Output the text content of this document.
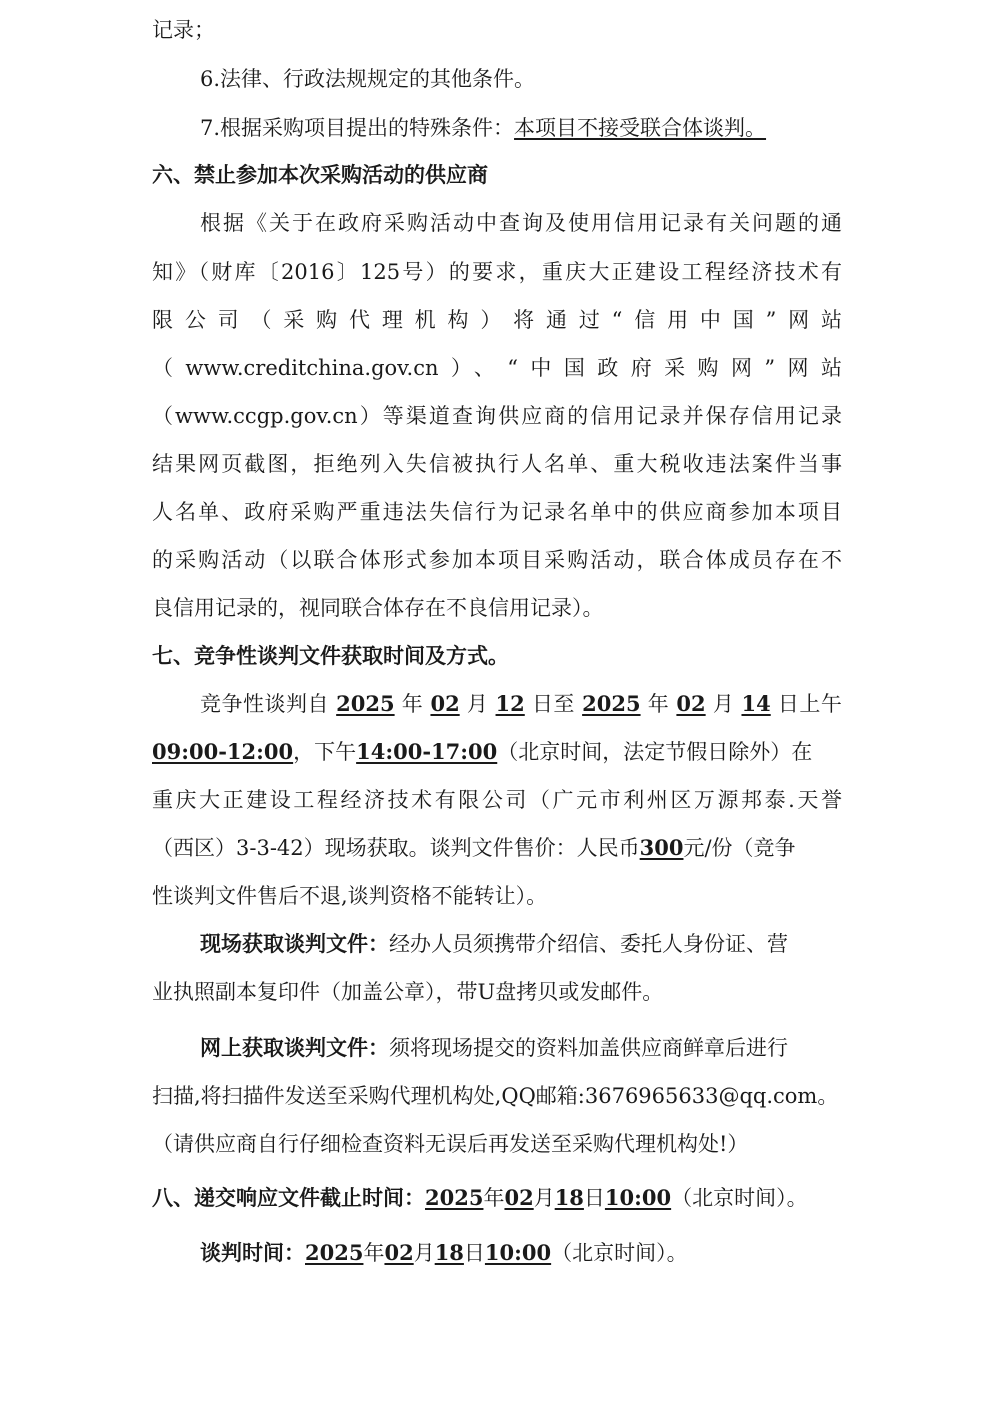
记录；
6.法律、行政法规规定的其他条件。
7.根据采购项目提出的特殊条件：本项目不接受联合体谈判。
六、禁止参加本次采购活动的供应商
根据《关于在政府采购活动中查询及使用信用记录有关问题的通
知》（财库〔2016〕125号）的要求，重庆大正建设工程经济技术有
限公司（采购代理机构）将通过“信用中国”网站
（www.creditchina.gov.cn）、“中国政府采购网”网站
（www.ccgp.gov.cn）等渠道查询供应商的信用记录并保存信用记录
结果网页截图，拒绝列入失信被执行人名单、重大税收违法案件当事
人名单、政府采购严重违法失信行为记录名单中的供应商参加本项目
的采购活动（以联合体形式参加本项目采购活动，联合体成员存在不
良信用记录的，视同联合体存在不良信用记录）。
七、竞争性谈判文件获取时间及方式。
竞争性谈判自 2025 年 02 月 12 日至 2025 年 02 月 14 日上午
09:00-12:00，下午14:00-17:00（北京时间，法定节假日除外）在
重庆大正建设工程经济技术有限公司（广元市利州区万源邦泰.天誉
（西区）3-3-42）现场获取。谈判文件售价：人民币300元/份（竞争
性谈判文件售后不退,谈判资格不能转让）。
现场获取谈判文件：经办人员须携带介绍信、委托人身份证、营
业执照副本复印件（加盖公章），带U盘拷贝或发邮件。
网上获取谈判文件：须将现场提交的资料加盖供应商鲜章后进行
扫描,将扫描件发送至采购代理机构处,QQ邮箱:3676965633@qq.com。
（请供应商自行仔细检查资料无误后再发送至采购代理机构处!）
八、递交响应文件截止时间：2025年02月18日10:00（北京时间）。
谈判时间：2025年02月18日10:00（北京时间）。
